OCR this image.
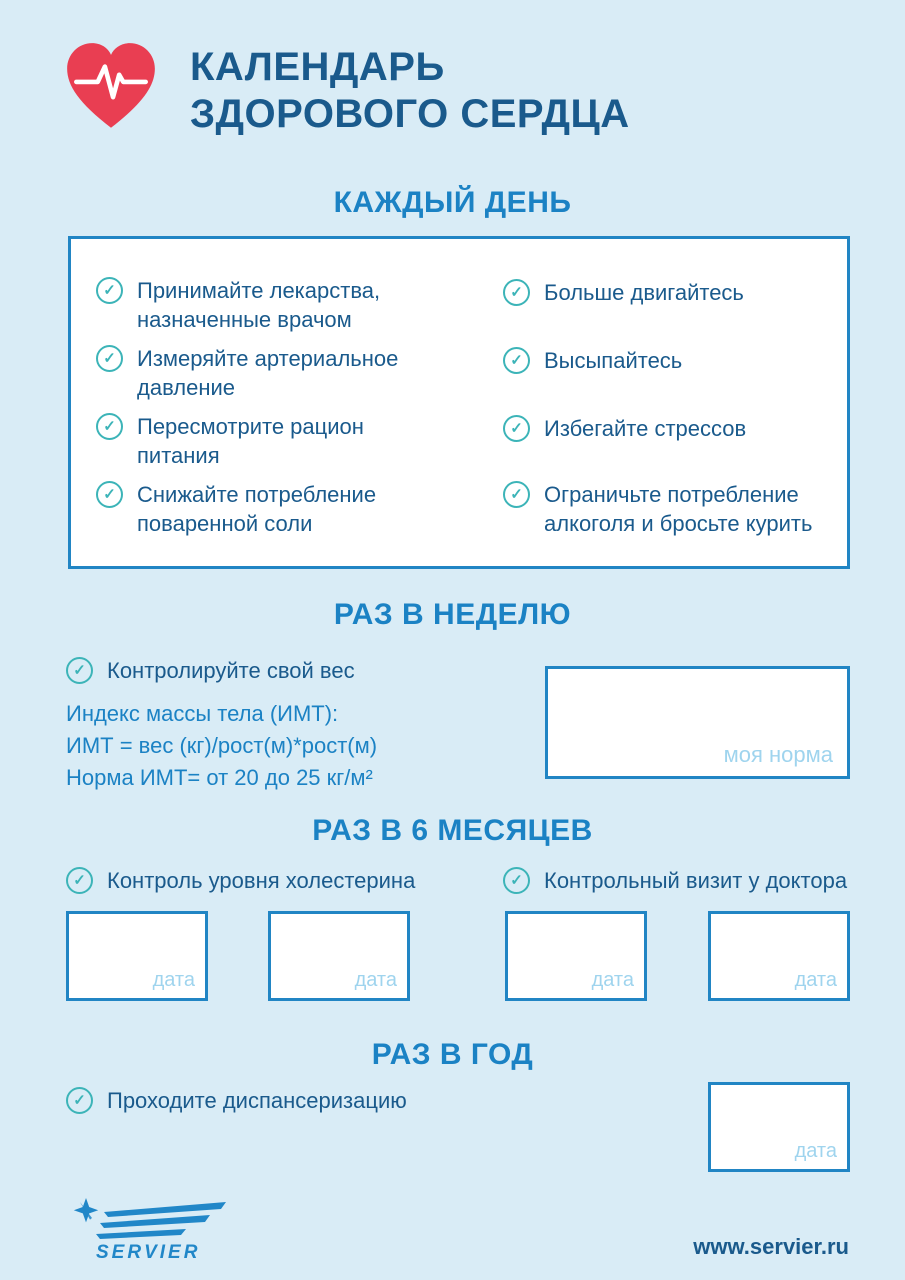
КАЛЕНДАРЬ
ЗДОРОВОГО СЕРДЦА
КАЖДЫЙ ДЕНЬ
✓ Принимайте лекарства, назначенные врачом
✓ Измеряйте артериальное давление
✓ Пересмотрите рацион питания
✓ Снижайте потребление поваренной соли
✓ Больше двигайтесь
✓ Высыпайтесь
✓ Избегайте стрессов
✓ Ограничьте потребление алкоголя и бросьте курить
РАЗ В НЕДЕЛЮ
✓ Контролируйте свой вес
Индекс массы тела (ИМТ):
ИМТ = вес (кг)/рост(м)*рост(м)
Норма ИМТ= от 20 до 25 кг/м²
моя норма
РАЗ В 6 МЕСЯЦЕВ
✓ Контроль уровня холестерина	✓ Контрольный визит у доктора
дата	дата	дата	дата
РАЗ В ГОД
✓ Проходите диспансеризацию
дата
SERVIER	www.servier.ru
